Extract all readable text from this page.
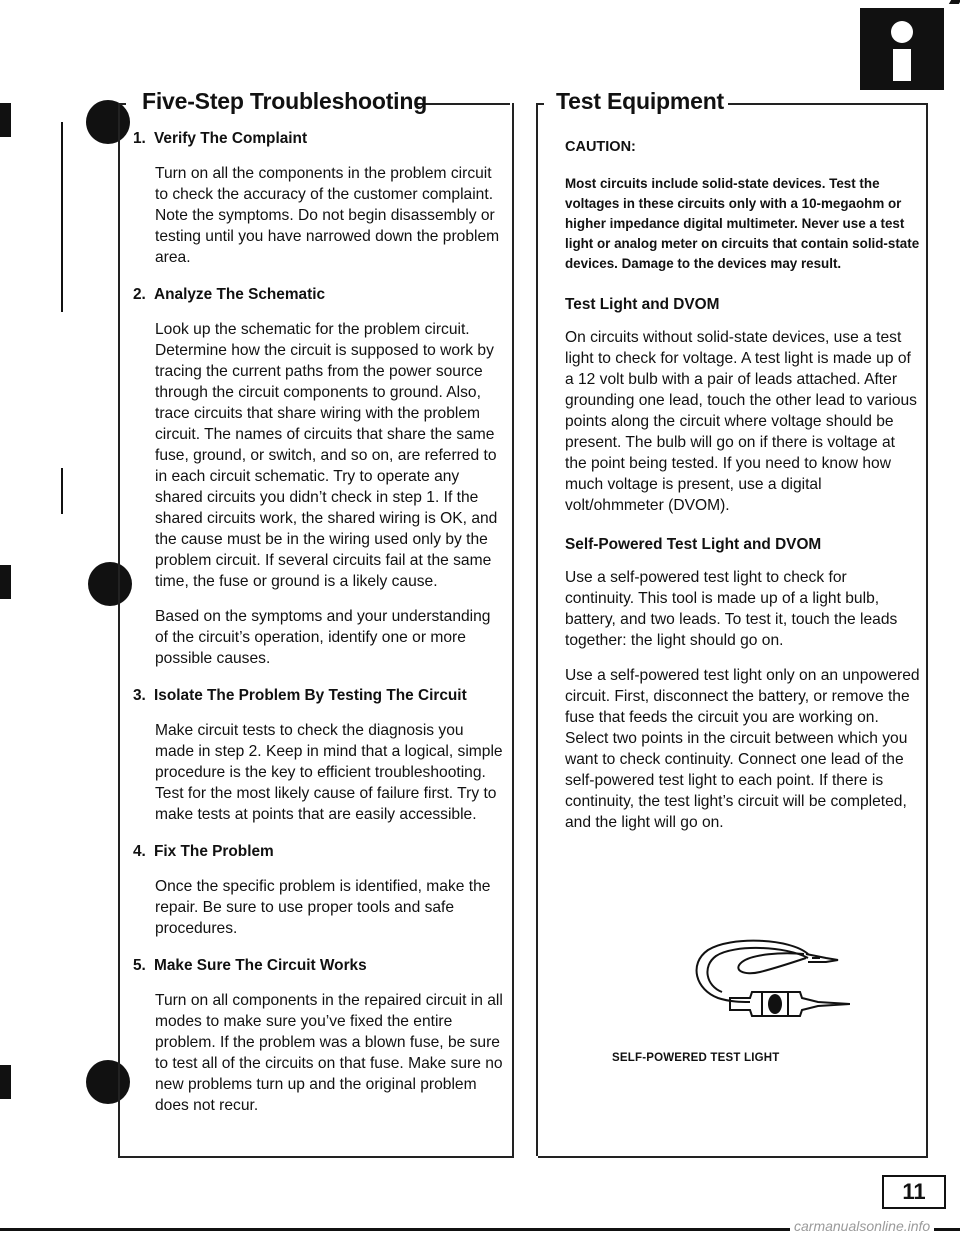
Five-Step Troubleshooting
1. Verify The Complaint

Turn on all the components in the problem circuit to check the accuracy of the customer complaint. Note the symptoms. Do not begin disassembly or testing until you have narrowed down the problem area.

2. Analyze The Schematic

Look up the schematic for the problem circuit. Determine how the circuit is supposed to work by tracing the current paths from the power source through the circuit components to ground. Also, trace circuits that share wiring with the problem circuit. The names of circuits that share the same fuse, ground, or switch, and so on, are referred to in each circuit schematic. Try to operate any shared circuits you didn’t check in step 1. If the shared circuits work, the shared wiring is OK, and the cause must be in the wiring used only by the problem circuit. If several circuits fail at the same time, the fuse or ground is a likely cause.

Based on the symptoms and your understanding of the circuit’s operation, identify one or more possible causes.

3. Isolate The Problem By Testing The Circuit

Make circuit tests to check the diagnosis you made in step 2. Keep in mind that a logical, simple procedure is the key to efficient troubleshooting. Test for the most likely cause of failure first. Try to make tests at points that are easily accessible.

4. Fix The Problem

Once the specific problem is identified, make the repair. Be sure to use proper tools and safe procedures.

5. Make Sure The Circuit Works

Turn on all components in the repaired circuit in all modes to make sure you’ve fixed the entire problem. If the problem was a blown fuse, be sure to test all of the circuits on that fuse. Make sure no new problems turn up and the original problem does not recur.

Test Equipment
CAUTION:

Most circuits include solid-state devices. Test the voltages in these circuits only with a 10-megaohm or higher impedance digital multimeter. Never use a test light or analog meter on circuits that contain solid-state devices. Damage to the devices may result.

Test Light and DVOM

On circuits without solid-state devices, use a test light to check for voltage. A test light is made up of a 12 volt bulb with a pair of leads attached. After grounding one lead, touch the other lead to various points along the circuit where voltage should be present. The bulb will go on if there is voltage at the point being tested. If you need to know how much voltage is present, use a digital volt/ohmmeter (DVOM).

Self-Powered Test Light and DVOM

Use a self-powered test light to check for continuity. This tool is made up of a light bulb, battery, and two leads. To test it, touch the leads together: the light should go on.

Use a self-powered test light only on an unpowered circuit. First, disconnect the battery, or remove the fuse that feeds the circuit you are working on. Select two points in the circuit between which you want to check continuity. Connect one lead of the self-powered test light to each point. If there is continuity, the test light’s circuit will be completed, and the light will go on.

SELF-POWERED TEST LIGHT
11
carmanualsonline.info
